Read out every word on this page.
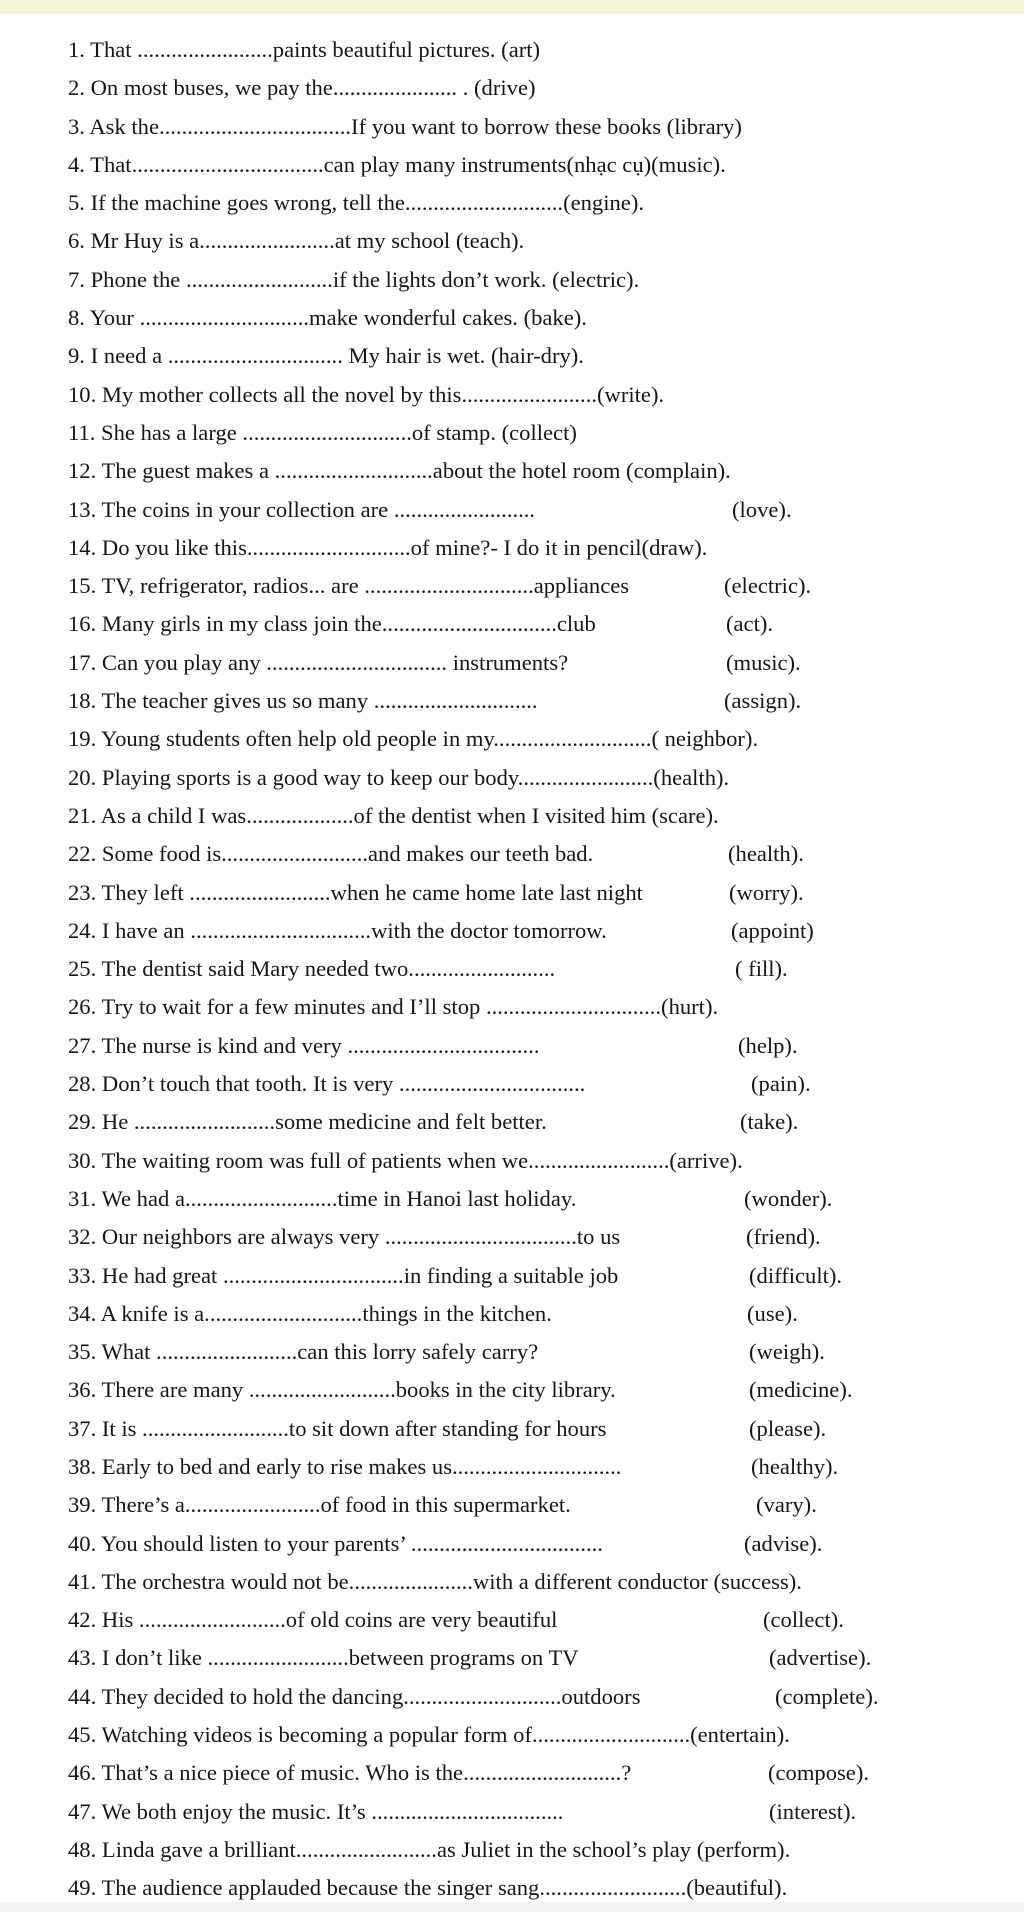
1. That ........................paints beautiful pictures. (art)
2. On most buses, we pay the...................... . (drive)
3. Ask the..................................If you want to borrow these books (library)
4. That..................................can play many instruments(nhạc cụ)(music).
5. If the machine goes wrong, tell the............................(engine).
6. Mr Huy is a........................at my school (teach).
7. Phone the ..........................if the lights don’t work. (electric).
8. Your ..............................make wonderful cakes. (bake).
9. I need a ............................... My hair is wet. (hair-dry).
10. My mother collects all the novel by this........................(write).
11. She has a large ..............................of stamp. (collect)
12. The guest makes a ............................about the hotel room (complain).
13. The coins in your collection are .........................	(love).
14. Do you like this.............................of mine?- I do it in pencil(draw).
15. TV, refrigerator, radios... are ..............................appliances	(electric).
16. Many girls in my class join the...............................club	(act).
17. Can you play any ................................ instruments?	(music).
18. The teacher gives us so many .............................	(assign).
19. Young students often help old people in my............................( neighbor).
20. Playing sports is a good way to keep our body........................(health).
21. As a child I was...................of the dentist when I visited him (scare).
22. Some food is..........................and makes our teeth bad.	(health).
23. They left .........................when he came home late last night	(worry).
24. I have an ................................with the doctor tomorrow.	(appoint)
25. The dentist said Mary needed two..........................	( fill).
26. Try to wait for a few minutes and I’ll stop ...............................(hurt).
27. The nurse is kind and very ..................................	(help).
28. Don’t touch that tooth. It is very .................................	(pain).
29. He .........................some medicine and felt better.	(take).
30. The waiting room was full of patients when we.........................(arrive).
31. We had a...........................time in Hanoi last holiday.	(wonder).
32. Our neighbors are always very ..................................to us	(friend).
33. He had great ................................in finding a suitable job	(difficult).
34. A knife is a............................things in the kitchen.	(use).
35. What .........................can this lorry safely carry?	(weigh).
36. There are many ..........................books in the city library.	(medicine).
37. It is ..........................to sit down after standing for hours	(please).
38. Early to bed and early to rise makes us..............................	(healthy).
39. There’s a........................of food in this supermarket.	(vary).
40. You should listen to your parents’ ..................................	(advise).
41. The orchestra would not be......................with a different conductor (success).
42. His ..........................of old coins are very beautiful	(collect).
43. I don’t like .........................between programs on TV	(advertise).
44. They decided to hold the dancing............................outdoors	(complete).
45. Watching videos is becoming a popular form of............................(entertain).
46. That’s a nice piece of music. Who is the............................?	(compose).
47. We both enjoy the music. It’s ..................................	(interest).
48. Linda gave a brilliant.........................as Juliet in the school’s play (perform).
49. The audience applauded because the singer sang..........................(beautiful).
